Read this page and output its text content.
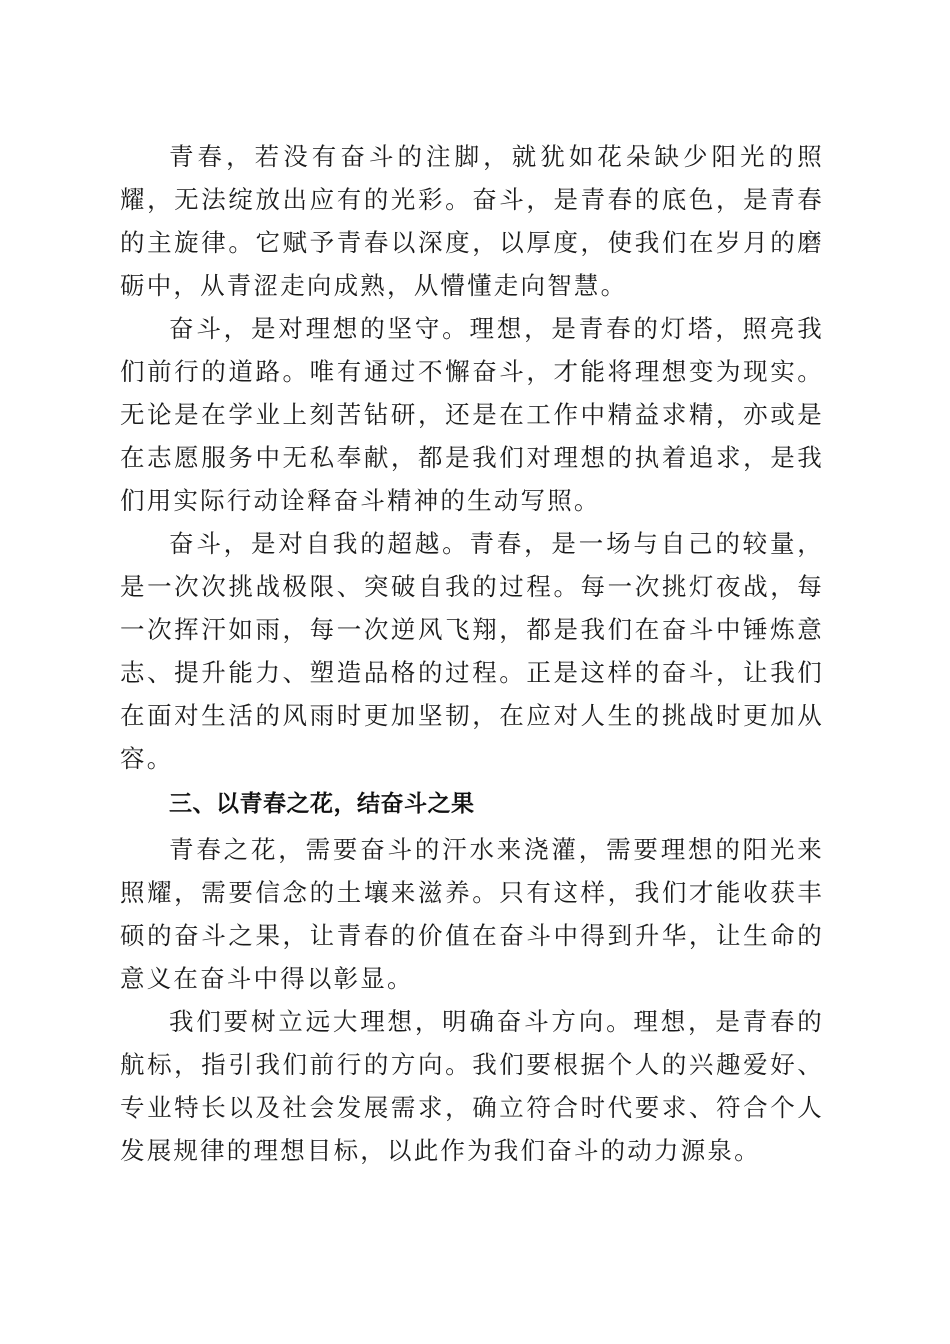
青春，若没有奋斗的注脚，就犹如花朵缺少阳光的照耀，无法绽放出应有的光彩。奋斗，是青春的底色，是青春的主旋律。它赋予青春以深度，以厚度，使我们在岁月的磨砺中，从青涩走向成熟，从懵懂走向智慧。

奋斗，是对理想的坚守。理想，是青春的灯塔，照亮我们前行的道路。唯有通过不懈奋斗，才能将理想变为现实。无论是在学业上刻苦钻研，还是在工作中精益求精，亦或是在志愿服务中无私奉献，都是我们对理想的执着追求，是我们用实际行动诠释奋斗精神的生动写照。

奋斗，是对自我的超越。青春，是一场与自己的较量，是一次次挑战极限、突破自我的过程。每一次挑灯夜战，每一次挥汗如雨，每一次逆风飞翔，都是我们在奋斗中锤炼意志、提升能力、塑造品格的过程。正是这样的奋斗，让我们在面对生活的风雨时更加坚韧，在应对人生的挑战时更加从容。

三、以青春之花，结奋斗之果

青春之花，需要奋斗的汗水来浇灌，需要理想的阳光来照耀，需要信念的土壤来滋养。只有这样，我们才能收获丰硕的奋斗之果，让青春的价值在奋斗中得到升华，让生命的意义在奋斗中得以彰显。

我们要树立远大理想，明确奋斗方向。理想，是青春的航标，指引我们前行的方向。我们要根据个人的兴趣爱好、专业特长以及社会发展需求，确立符合时代要求、符合个人发展规律的理想目标，以此作为我们奋斗的动力源泉。
